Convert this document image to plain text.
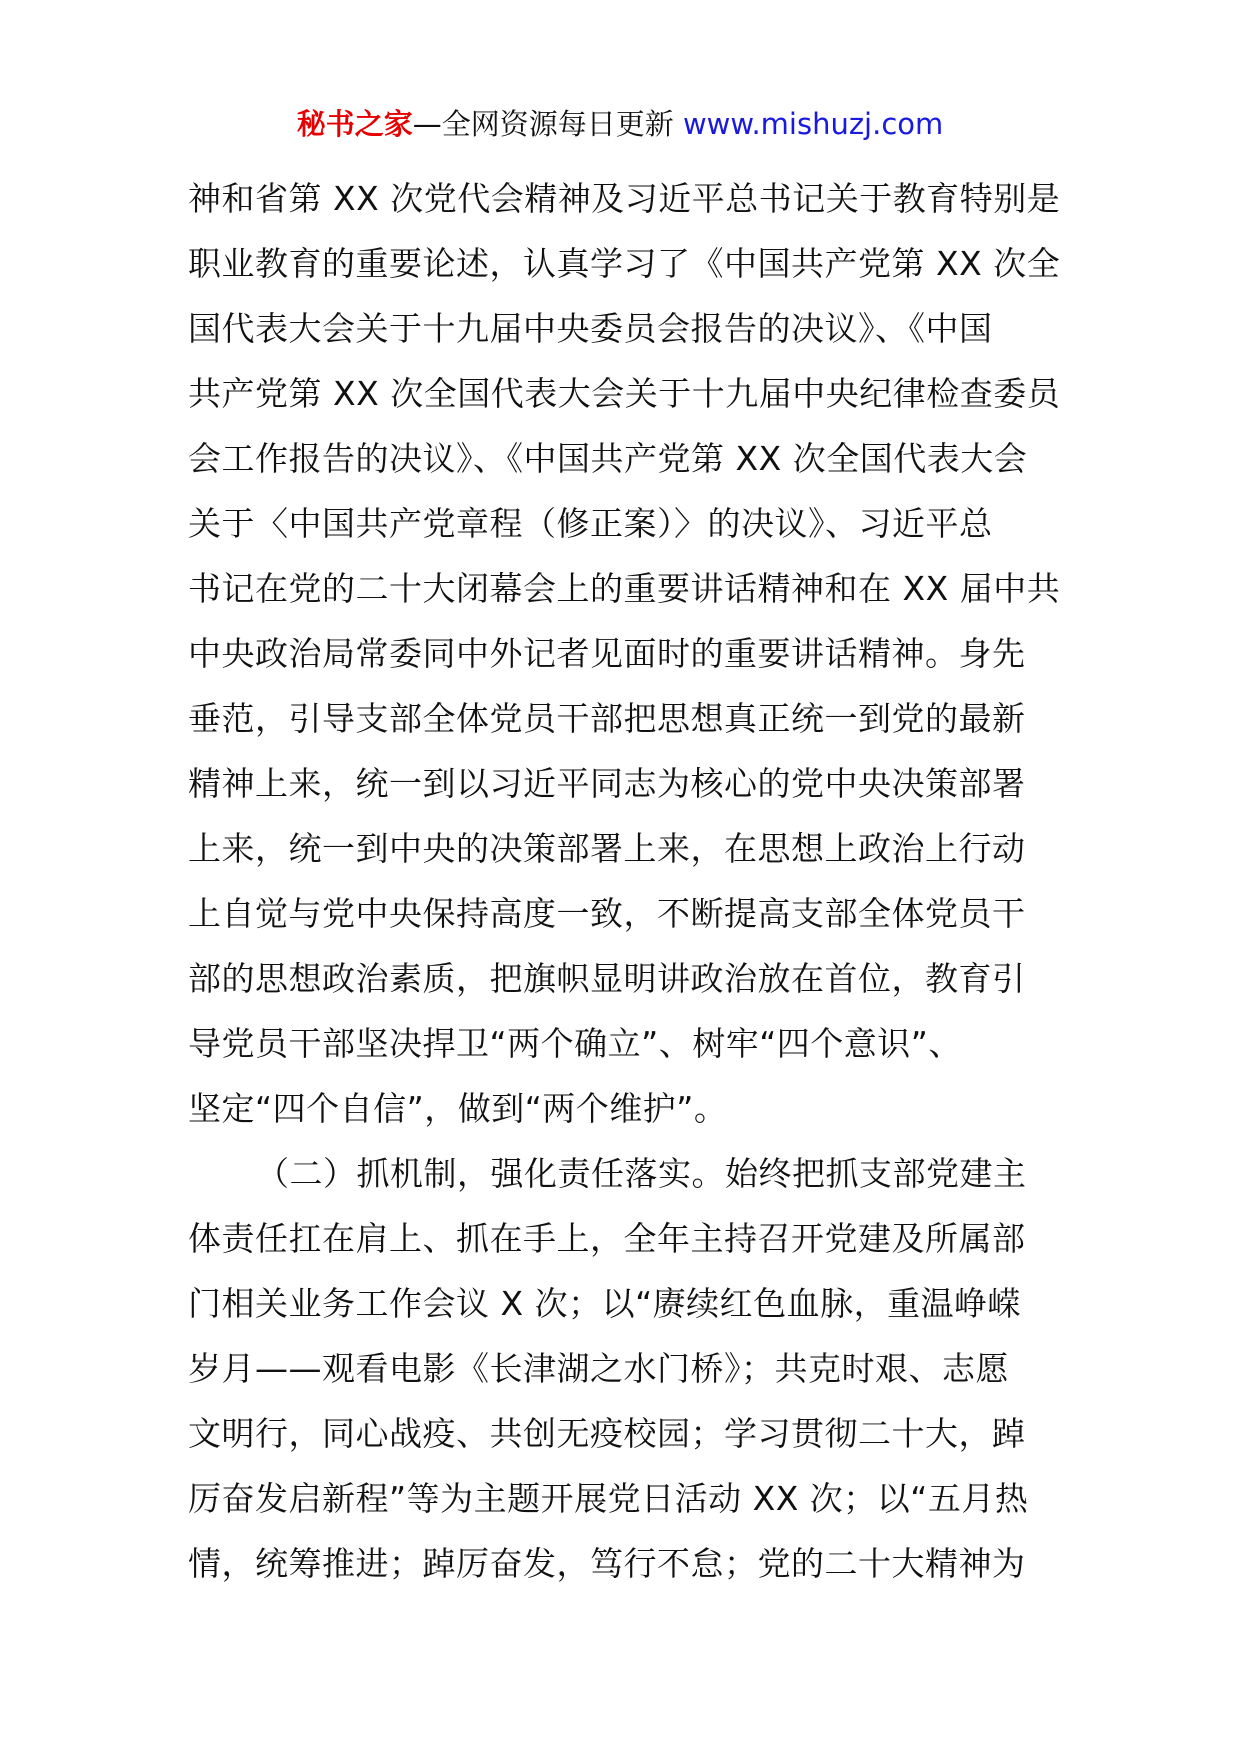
秘书之家—全网资源每日更新 www.mishuzj.com
神和省第 XX 次党代会精神及习近平总书记关于教育特别是
职业教育的重要论述，认真学习了《中国共产党第 XX 次全
国代表大会关于十九届中央委员会报告的决议》、《中国
共产党第 XX 次全国代表大会关于十九届中央纪律检查委员
会工作报告的决议》、《中国共产党第 XX 次全国代表大会
关于〈中国共产党章程（修正案）〉的决议》、习近平总
书记在党的二十大闭幕会上的重要讲话精神和在 XX 届中共
中央政治局常委同中外记者见面时的重要讲话精神。身先
垂范，引导支部全体党员干部把思想真正统一到党的最新
精神上来，统一到以习近平同志为核心的党中央决策部署
上来，统一到中央的决策部署上来，在思想上政治上行动
上自觉与党中央保持高度一致，不断提高支部全体党员干
部的思想政治素质，把旗帜显明讲政治放在首位，教育引
导党员干部坚决捍卫“两个确立”、树牢“四个意识”、
坚定“四个自信”，做到“两个维护”。
（二）抓机制，强化责任落实。始终把抓支部党建主
体责任扛在肩上、抓在手上，全年主持召开党建及所属部
门相关业务工作会议 X 次；以“赓续红色血脉，重温峥嵘
岁月——观看电影《长津湖之水门桥》；共克时艰、志愿
文明行，同心战疫、共创无疫校园；学习贯彻二十大，踔
厉奋发启新程”等为主题开展党日活动 XX 次；以“五月热
情，统筹推进；踔厉奋发，笃行不怠；党的二十大精神为
